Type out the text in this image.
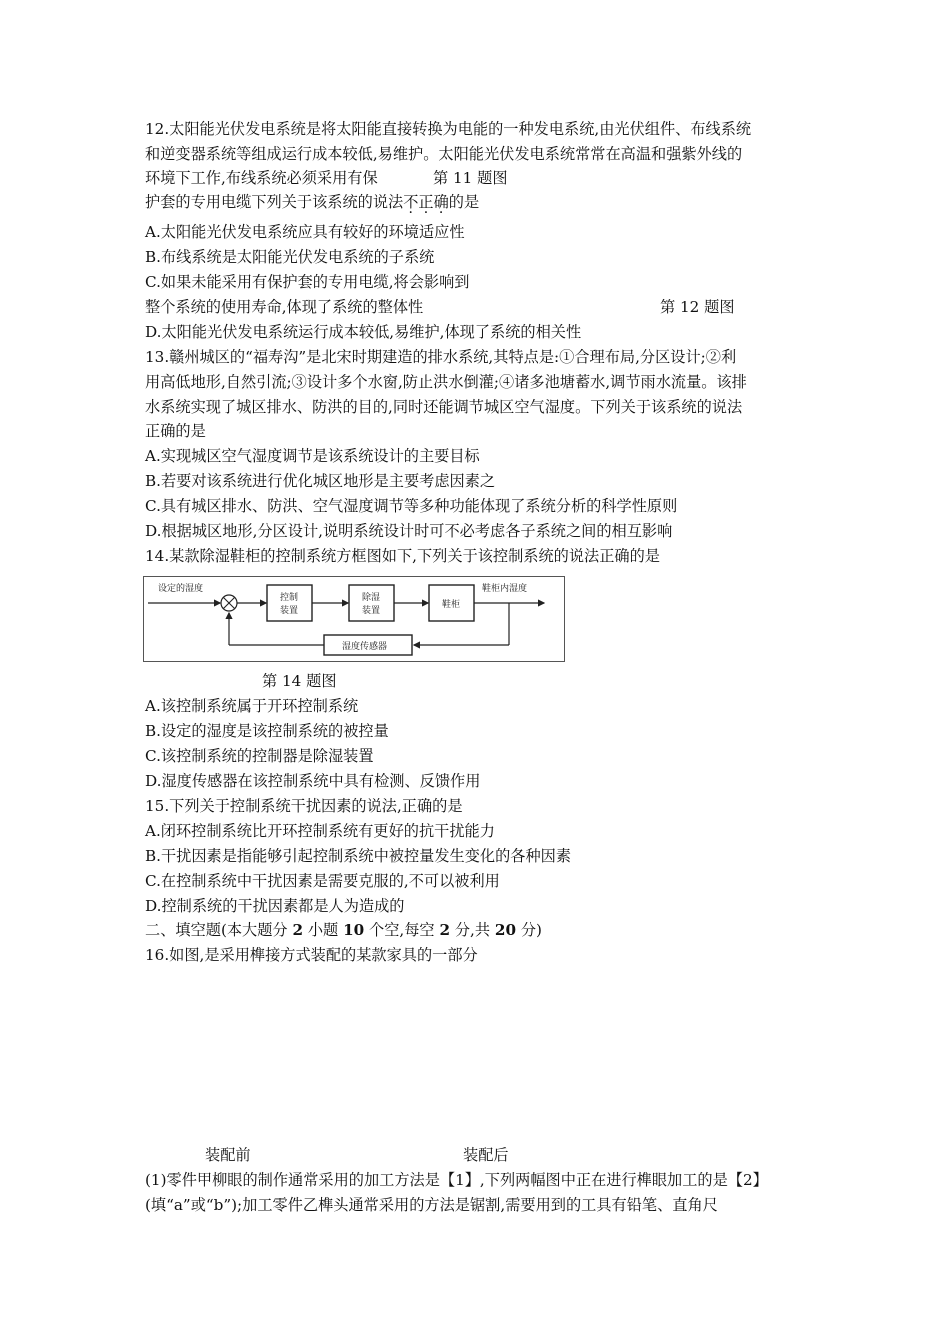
12.太阳能光伏发电系统是将太阳能直接转换为电能的一种发电系统,由光伏组件、布线系统
和逆变器系统等组成运行成本较低,易维护。太阳能光伏发电系统常常在高温和强紫外线的
环境下工作,布线系统必须采用有保	第 11 题图
护套的专用电缆下列关于该系统的说法不正确的是
A.太阳能光伏发电系统应具有较好的环境适应性
B.布线系统是太阳能光伏发电系统的子系统
C.如果未能采用有保护套的专用电缆,将会影响到
整个系统的使用寿命,体现了系统的整体性	第 12 题图
D.太阳能光伏发电系统运行成本较低,易维护,体现了系统的相关性
13.赣州城区的“福寿沟”是北宋时期建造的排水系统,其特点是:①合理布局,分区设计;②利
用高低地形,自然引流;③设计多个水窗,防止洪水倒灌;④诸多池塘蓄水,调节雨水流量。该排
水系统实现了城区排水、防洪的目的,同时还能调节城区空气湿度。下列关于该系统的说法
正确的是
A.实现城区空气湿度调节是该系统设计的主要目标
B.若要对该系统进行优化城区地形是主要考虑因素之
C.具有城区排水、防洪、空气湿度调节等多种功能体现了系统分析的科学性原则
D.根据城区地形,分区设计,说明系统设计时可不必考虑各子系统之间的相互影响
14.某款除湿鞋柜的控制系统方框图如下,下列关于该控制系统的说法正确的是
设定的湿度
控制
装置
除湿
装置
鞋柜
鞋柜内湿度
湿度传感器
第 14 题图
A.该控制系统属于开环控制系统
B.设定的湿度是该控制系统的被控量
C.该控制系统的控制器是除湿装置
D.湿度传感器在该控制系统中具有检测、反馈作用
15.下列关于控制系统干扰因素的说法,正确的是
A.闭环控制系统比开环控制系统有更好的抗干扰能力
B.干扰因素是指能够引起控制系统中被控量发生变化的各种因素
C.在控制系统中干扰因素是需要克服的,不可以被利用
D.控制系统的干扰因素都是人为造成的
二、填空题(本大题分 2 小题 10 个空,每空 2 分,共 20 分)
16.如图,是采用榫接方式装配的某款家具的一部分
装配前	装配后
(1)零件甲柳眼的制作通常采用的加工方法是【1】,下列两幅图中正在进行榫眼加工的是【2】
(填“a”或“b”);加工零件乙榫头通常采用的方法是锯割,需要用到的工具有铅笔、直角尺
